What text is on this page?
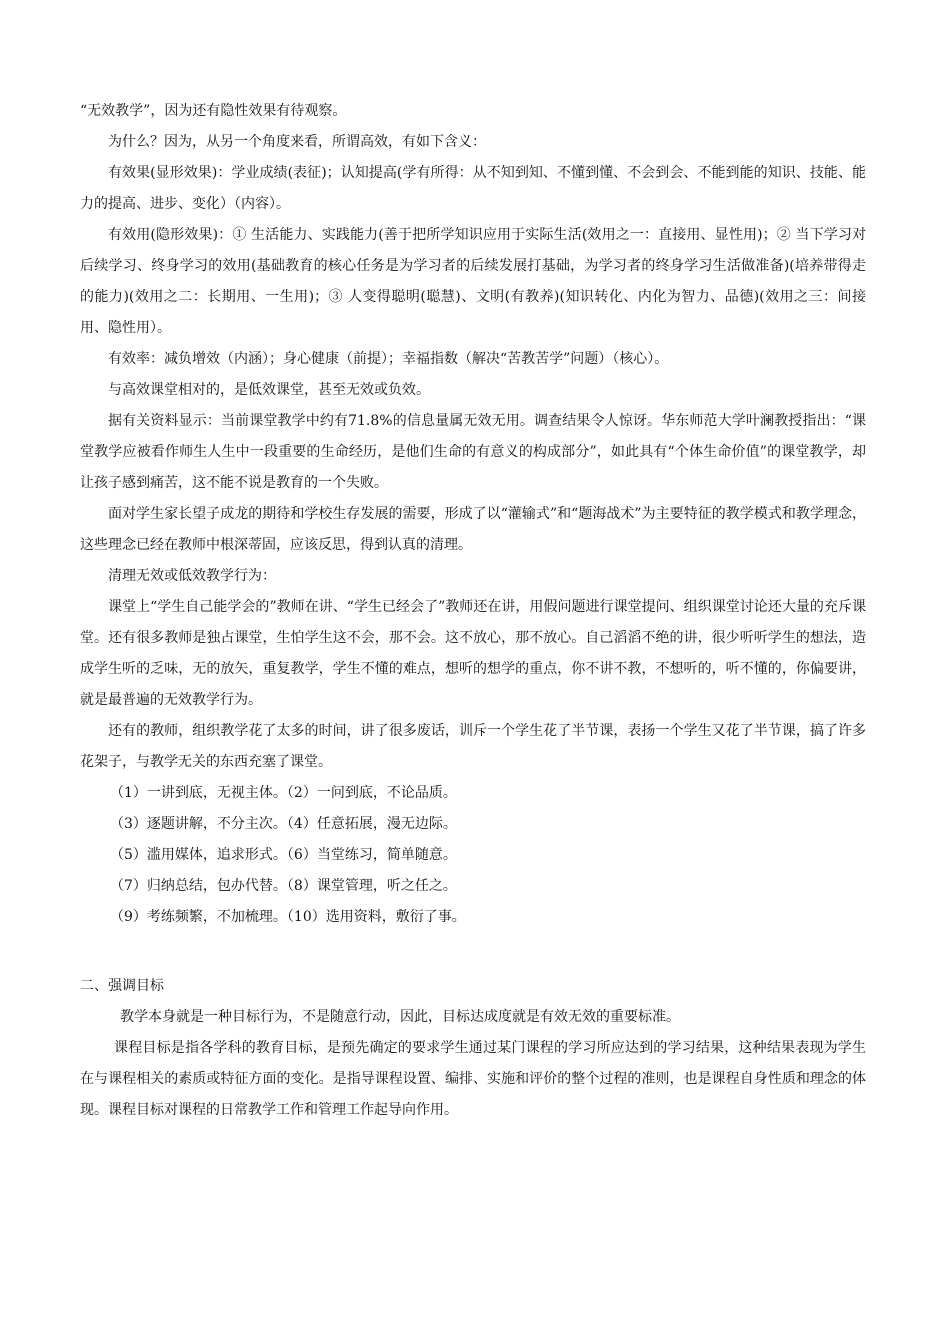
“无效教学”，因为还有隐性效果有待观察。

为什么？因为，从另一个角度来看，所谓高效，有如下含义：

有效果(显形效果)：学业成绩(表征)；认知提高(学有所得：从不知到知、不懂到懂、不会到会、不能到能的知识、技能、能力的提高、进步、变化）（内容）。

有效用(隐形效果)：① 生活能力、实践能力(善于把所学知识应用于实际生活(效用之一：直接用、显性用)；② 当下学习对后续学习、终身学习的效用(基础教育的核心任务是为学习者的后续发展打基础，为学习者的终身学习生活做准备)(培养带得走的能力)(效用之二：长期用、一生用)；③ 人变得聪明(聪慧)、文明(有教养)(知识转化、内化为智力、品德)(效用之三：间接用、隐性用）。

有效率：减负增效（内涵）；身心健康（前提）；幸福指数（解决“苦教苦学”问题）（核心）。

与高效课堂相对的，是低效课堂，甚至无效或负效。

据有关资料显示：当前课堂教学中约有71.8%的信息量属无效无用。调查结果令人惊讶。华东师范大学叶澜教授指出：“课堂教学应被看作师生人生中一段重要的生命经历，是他们生命的有意义的构成部分”，如此具有“个体生命价值”的课堂教学，却让孩子感到痛苦，这不能不说是教育的一个失败。

面对学生家长望子成龙的期待和学校生存发展的需要，形成了以“灌输式”和“题海战术”为主要特征的教学模式和教学理念，这些理念已经在教师中根深蒂固，应该反思，得到认真的清理。

清理无效或低效教学行为：

课堂上“学生自己能学会的”教师在讲、“学生已经会了”教师还在讲，用假问题进行课堂提问、组织课堂讨论还大量的充斥课堂。还有很多教师是独占课堂，生怕学生这不会，那不会。这不放心，那不放心。自己滔滔不绝的讲，很少听听学生的想法，造成学生听的乏味，无的放矢，重复教学，学生不懂的难点，想听的想学的重点，你不讲不教，不想听的，听不懂的，你偏要讲，就是最普遍的无效教学行为。

还有的教师，组织教学花了太多的时间，讲了很多废话，训斥一个学生花了半节课，表扬一个学生又花了半节课，搞了许多花架子，与教学无关的东西充塞了课堂。

（1）一讲到底，无视主体。（2）一问到底，不论品质。

（3）逐题讲解，不分主次。（4）任意拓展，漫无边际。

（5）滥用媒体，追求形式。（6）当堂练习，简单随意。

（7）归纳总结，包办代替。（8）课堂管理，听之任之。

（9）考练频繁，不加梳理。（10）选用资料，敷衍了事。

二、强调目标

教学本身就是一种目标行为，不是随意行动，因此，目标达成度就是有效无效的重要标准。

课程目标是指各学科的教育目标，是预先确定的要求学生通过某门课程的学习所应达到的学习结果，这种结果表现为学生在与课程相关的素质或特征方面的变化。是指导课程设置、编排、实施和评价的整个过程的准则，也是课程自身性质和理念的体现。课程目标对课程的日常教学工作和管理工作起导向作用。
